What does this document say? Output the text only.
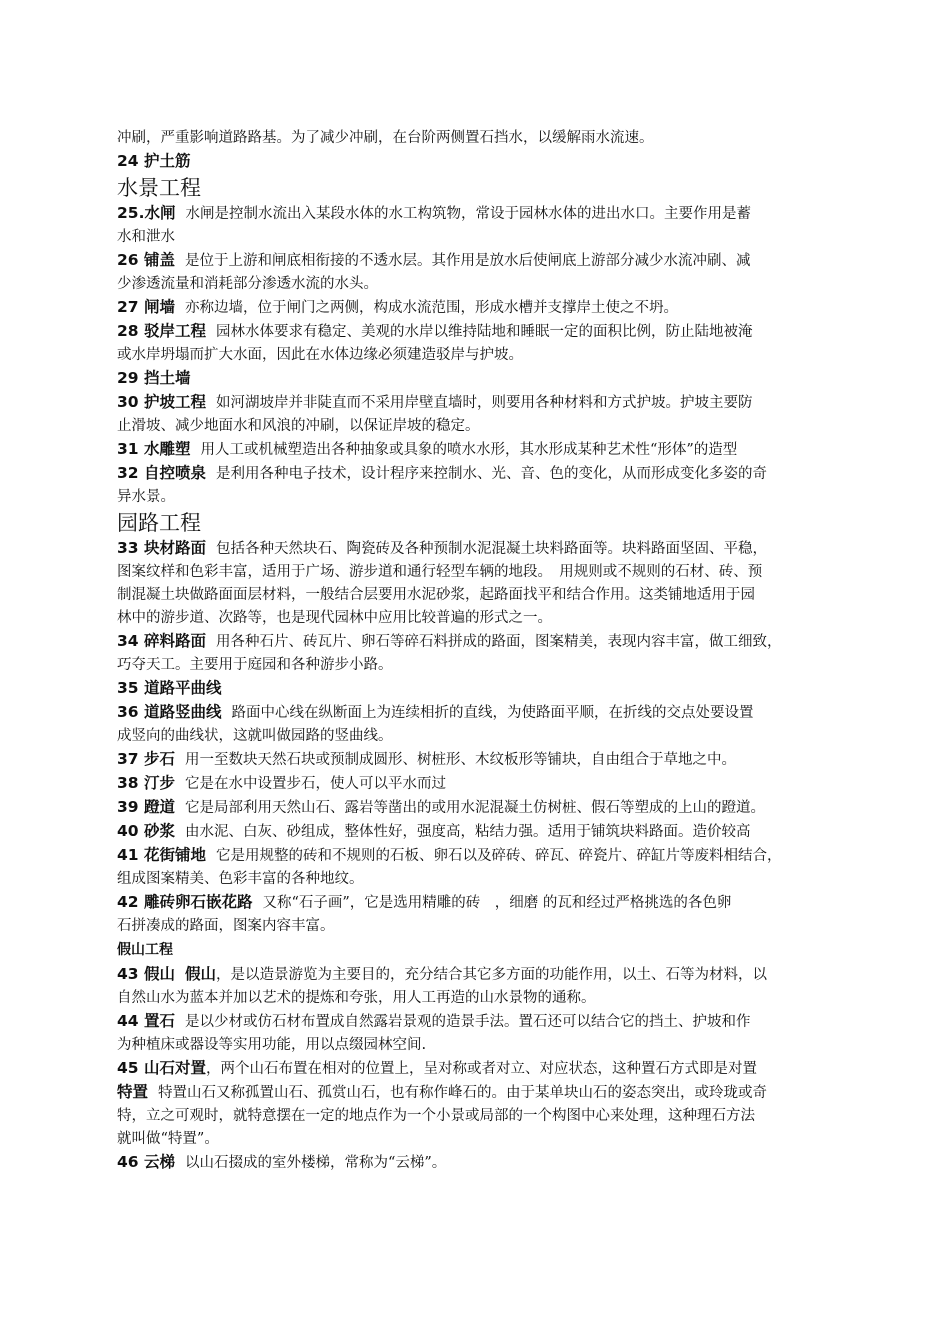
冲刷，严重影响道路路基。为了减少冲刷，在台阶两侧置石挡水，以缓解雨水流速。
24 护土筋
水景工程
25.水闸 水闸是控制水流出入某段水体的水工构筑物，常设于园林水体的进出水口。主要作用是蓄
水和泄水
26 铺盖 是位于上游和闸底相衔接的不透水层。其作用是放水后使闸底上游部分减少水流冲刷、减
少渗透流量和消耗部分渗透水流的水头。
27 闸墙 亦称边墙，位于闸门之两侧，构成水流范围，形成水槽并支撑岸土使之不坍。
28 驳岸工程 园林水体要求有稳定、美观的水岸以维持陆地和睡眠一定的面积比例，防止陆地被淹
或水岸坍塌而扩大水面，因此在水体边缘必须建造驳岸与护坡。
29 挡土墙
30 护坡工程 如河湖坡岸并非陡直而不采用岸壁直墙时，则要用各种材料和方式护坡。护坡主要防
止滑坡、减少地面水和风浪的冲刷，以保证岸坡的稳定。
31 水雕塑 用人工或机械塑造出各种抽象或具象的喷水水形，其水形成某种艺术性“形体”的造型
32 自控喷泉 是利用各种电子技术，设计程序来控制水、光、音、色的变化，从而形成变化多姿的奇
异水景。
园路工程
33 块材路面 包括各种天然块石、陶瓷砖及各种预制水泥混凝土块料路面等。块料路面坚固、平稳，
图案纹样和色彩丰富，适用于广场、游步道和通行轻型车辆的地段。　用规则或不规则的石材、砖、预
制混凝土块做路面面层材料，一般结合层要用水泥砂浆，起路面找平和结合作用。这类铺地适用于园
林中的游步道、次路等，也是现代园林中应用比较普遍的形式之一。
34 碎料路面 用各种石片、砖瓦片、卵石等碎石料拼成的路面，图案精美，表现内容丰富，做工细致，
巧夺天工。主要用于庭园和各种游步小路。
35 道路平曲线
36 道路竖曲线 路面中心线在纵断面上为连续相折的直线，为使路面平顺，在折线的交点处要设置
成竖向的曲线状，这就叫做园路的竖曲线。
37 步石 用一至数块天然石块或预制成圆形、树桩形、木纹板形等铺块，自由组合于草地之中。
38 汀步 它是在水中设置步石，使人可以平水而过
39 蹬道 它是局部利用天然山石、露岩等凿出的或用水泥混凝土仿树桩、假石等塑成的上山的蹬道。
40 砂浆 由水泥、白灰、砂组成，整体性好，强度高，粘结力强。适用于铺筑块料路面。造价较高
41 花街铺地 它是用规整的砖和不规则的石板、卵石以及碎砖、碎瓦、碎瓷片、碎缸片等废料相结合，
组成图案精美、色彩丰富的各种地纹。
42 雕砖卵石嵌花路 又称“石子画”，它是选用精雕的砖　，细磨 的瓦和经过严格挑选的各色卵
石拼凑成的路面，图案内容丰富。
假山工程
43 假山 假山，是以造景游览为主要目的，充分结合其它多方面的功能作用，以土、石等为材料，以
自然山水为蓝本并加以艺术的提炼和夸张，用人工再造的山水景物的通称。
44 置石 是以少材或仿石材布置成自然露岩景观的造景手法。置石还可以结合它的挡土、护坡和作
为种植床或器设等实用功能，用以点缀园林空间.
45 山石对置，两个山石布置在相对的位置上，呈对称或者对立、对应状态，这种置石方式即是对置
特置 特置山石又称孤置山石、孤赏山石，也有称作峰石的。由于某单块山石的姿态突出，或玲珑或奇
特，立之可观时，就特意摆在一定的地点作为一个小景或局部的一个构图中心来处理，这种理石方法
就叫做“特置”。
46 云梯 以山石掇成的室外楼梯，常称为“云梯”。
